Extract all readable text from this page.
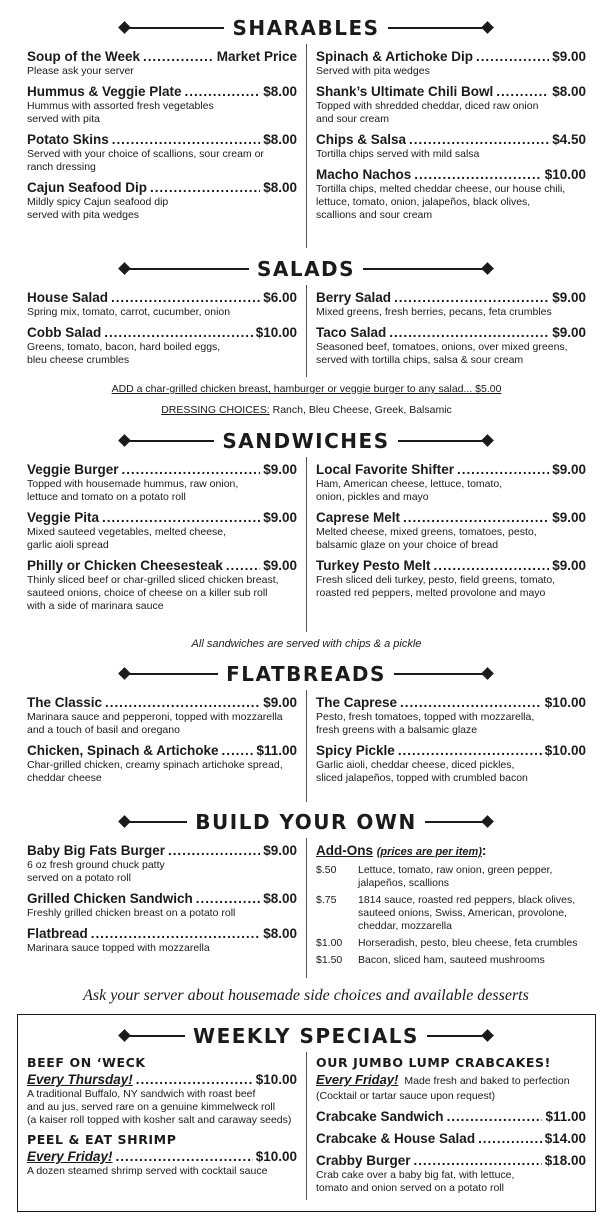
SHARABLES
Soup of the Week . . .	Market Price
Please ask your server
Hummus & Veggie Plate . . .	$8.00
Hummus with assorted fresh vegetables
served with pita
Potato Skins . . .	$8.00
Served with your choice of scallions, sour cream or
ranch dressing
Cajun Seafood Dip . . .	$8.00
Mildly spicy Cajun seafood dip
served with pita wedges
Spinach & Artichoke Dip . . .	$9.00
Served with pita wedges
Shank’s Ultimate Chili Bowl . . .	$8.00
Topped with shredded cheddar, diced raw onion
and sour cream
Chips & Salsa . . .	$4.50
Tortilla chips served with mild salsa
Macho Nachos . . .	$10.00
Tortilla chips, melted cheddar cheese, our house chili,
lettuce, tomato, onion, jalapeños, black olives,
scallions and sour cream
SALADS
House Salad . . .	$6.00
Spring mix, tomato, carrot, cucumber, onion
Cobb Salad . . .	$10.00
Greens, tomato, bacon, hard boiled eggs,
bleu cheese crumbles
Berry Salad . . .	$9.00
Mixed greens, fresh berries, pecans, feta crumbles
Taco Salad . . .	$9.00
Seasoned beef, tomatoes, onions, over mixed greens,
served with tortilla chips, salsa & sour cream
ADD a char-grilled chicken breast, hamburger or veggie burger to any salad... $5.00
DRESSING CHOICES: Ranch, Bleu Cheese, Greek, Balsamic
SANDWICHES
Veggie Burger . . .	$9.00
Topped with housemade hummus, raw onion,
lettuce and tomato on a potato roll
Veggie Pita . . .	$9.00
Mixed sauteed vegetables, melted cheese,
garlic aioli spread
Philly or Chicken Cheesesteak . . .	$9.00
Thinly sliced beef or char-grilled sliced chicken breast,
sauteed onions, choice of cheese on a killer sub roll
with a side of marinara sauce
Local Favorite Shifter . . .	$9.00
Ham, American cheese, lettuce, tomato,
onion, pickles and mayo
Caprese Melt . . .	$9.00
Melted cheese, mixed greens, tomatoes, pesto,
balsamic glaze on your choice of bread
Turkey Pesto Melt . . .	$9.00
Fresh sliced deli turkey, pesto, field greens, tomato,
roasted red peppers, melted provolone and mayo
All sandwiches are served with chips & a pickle
FLATBREADS
The Classic . . .	$9.00
Marinara sauce and pepperoni, topped with mozzarella
and a touch of basil and oregano
Chicken, Spinach & Artichoke . . .	$11.00
Char-grilled chicken, creamy spinach artichoke spread,
cheddar cheese
The Caprese . . .	$10.00
Pesto, fresh tomatoes, topped with mozzarella,
fresh greens with a balsamic glaze
Spicy Pickle . . .	$10.00
Garlic aioli, cheddar cheese, diced pickles,
sliced jalapeños, topped with crumbled bacon
BUILD YOUR OWN
Baby Big Fats Burger . . .	$9.00
6 oz fresh ground chuck patty
served on a potato roll
Grilled Chicken Sandwich . . .	$8.00
Freshly grilled chicken breast on a potato roll
Flatbread . . .	$8.00
Marinara sauce topped with mozzarella
Add-Ons (prices are per item):
$.50	Lettuce, tomato, raw onion, green pepper,
jalapeños, scallions
$.75	1814 sauce, roasted red peppers, black olives,
sauteed onions, Swiss, American, provolone,
cheddar, mozzarella
$1.00	Horseradish, pesto, bleu cheese, feta crumbles
$1.50	Bacon, sliced ham, sauteed mushrooms
Ask your server about housemade side choices and available desserts
WEEKLY SPECIALS
BEEF ON ‘WECK
Every Thursday! . . .	$10.00
A traditional Buffalo, NY sandwich with roast beef
and au jus, served rare on a genuine kimmelweck roll
(a kaiser roll topped with kosher salt and caraway seeds)
PEEL & EAT SHRIMP
Every Friday! . . .	$10.00
A dozen steamed shrimp served with cocktail sauce
OUR JUMBO LUMP CRABCAKES!
Every Friday! Made fresh and baked to perfection
(Cocktail or tartar sauce upon request)
Crabcake Sandwich . . .	$11.00
Crabcake & House Salad . . .	$14.00
Crabby Burger . . .	$18.00
Crab cake over a baby big fat, with lettuce,
tomato and onion served on a potato roll
